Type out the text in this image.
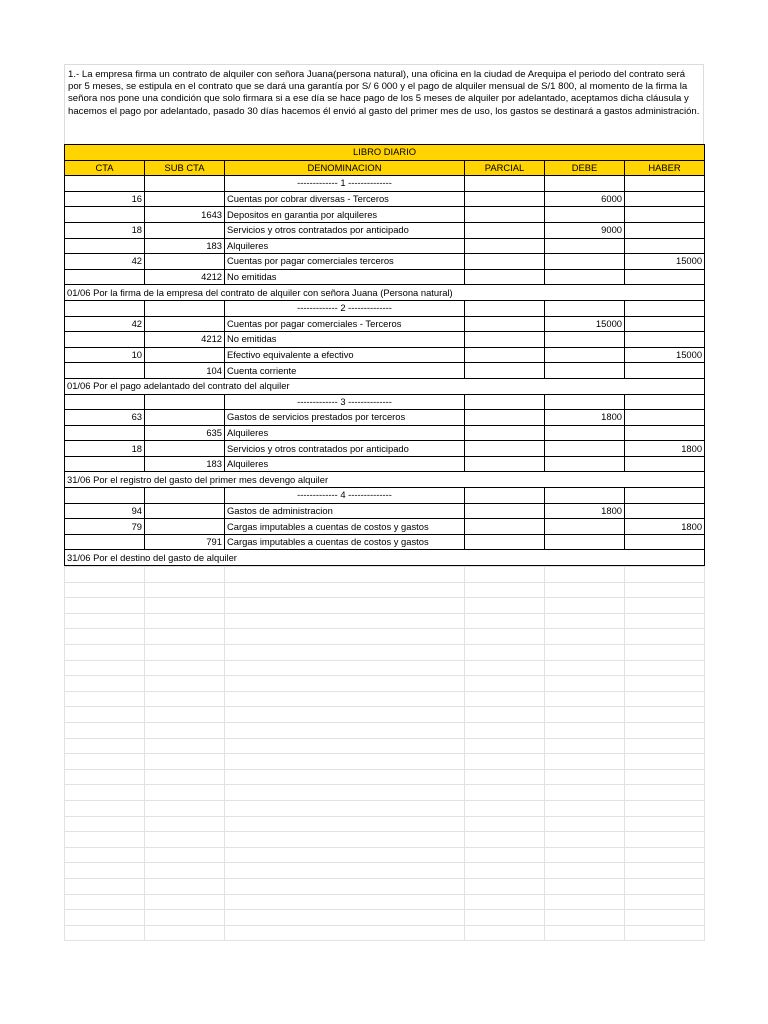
1.- La empresa firma un contrato de alquiler con señora Juana(persona natural), una oficina en la ciudad de Arequipa el periodo del contrato será por 5 meses, se estipula en el contrato que se dará una garantía por S/ 6 000 y el pago de alquiler mensual de S/1 800, al momento de la firma la señora nos pone una condición que solo firmara si a ese día se hace pago de los 5 meses de alquiler por adelantado, aceptamos dicha cláusula y hacemos el pago por adelantado, pasado 30 días hacemos él envió al gasto del primer mes de uso, los gastos se destinará a gastos administración.
LIBRO DIARIO					
CTA	SUB CTA	DENOMINACION	PARCIAL	DEBE	HABER
		------------- 1 --------------			
16		Cuentas por cobrar diversas - Terceros		6000	
	1643	Depositos en garantia por alquileres			
18		Servicios y otros contratados por anticipado		9000	
	183	Alquileres			
42		Cuentas por pagar comerciales terceros			15000
	4212	No emitidas			
01/06 Por la firma de la empresa del contrato de alquiler con señora Juana (Persona natural)					
		------------- 2 --------------			
42		Cuentas por pagar comerciales - Terceros		15000	
	4212	No emitidas			
10		Efectivo equivalente a efectivo			15000
	104	Cuenta corriente			
01/06 Por el pago adelantado del contrato del alquiler					
		------------- 3 --------------			
63		Gastos de servicios prestados por terceros		1800	
	635	Alquileres			
18		Servicios y otros contratados por anticipado			1800
	183	Alquileres			
31/06 Por el registro del gasto del primer mes devengo alquiler					
		------------- 4 --------------			
94		Gastos de administracion		1800	
79		Cargas imputables a cuentas de costos y gastos			1800
	791	Cargas imputables a cuentas de costos y gastos			
31/06 Por el destino del gasto de alquiler					
